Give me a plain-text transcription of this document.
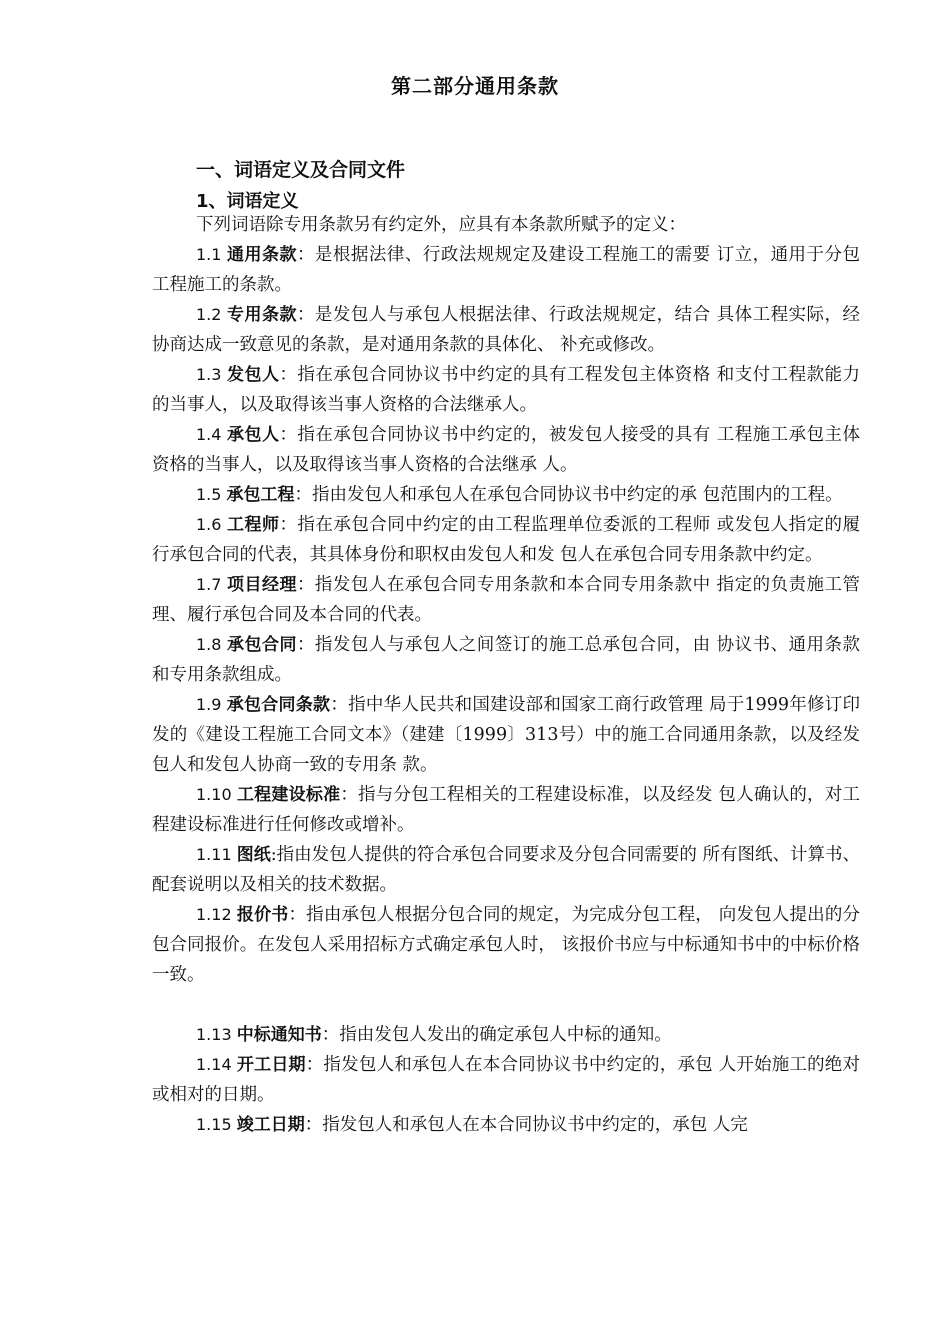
第二部分通用条款
一、词语定义及合同文件
1、词语定义
下列词语除专用条款另有约定外，应具有本条款所赋予的定义：

1.1 通用条款：是根据法律、行政法规规定及建设工程施工的需要 订立，通用于分包工程施工的条款。

1.2 专用条款：是发包人与承包人根据法律、行政法规规定，结合 具体工程实际，经协商达成一致意见的条款，是对通用条款的具体化、 补充或修改。

1.3 发包人：指在承包合同协议书中约定的具有工程发包主体资格 和支付工程款能力的当事人，以及取得该当事人资格的合法继承人。

1.4 承包人：指在承包合同协议书中约定的，被发包人接受的具有 工程施工承包主体资格的当事人，以及取得该当事人资格的合法继承 人。

1.5 承包工程：指由发包人和承包人在承包合同协议书中约定的承 包范围内的工程。

1.6 工程师：指在承包合同中约定的由工程监理单位委派的工程师 或发包人指定的履行承包合同的代表，其具体身份和职权由发包人和发 包人在承包合同专用条款中约定。

1.7 项目经理：指发包人在承包合同专用条款和本合同专用条款中 指定的负责施工管理、履行承包合同及本合同的代表。

1.8 承包合同：指发包人与承包人之间签订的施工总承包合同，由 协议书、通用条款和专用条款组成。

1.9 承包合同条款：指中华人民共和国建设部和国家工商行政管理 局于1999年修订印发的《建设工程施工合同文本》（建建〔1999〕313号）中的施工合同通用条款，以及经发包人和发包人协商一致的专用条 款。

1.10 工程建设标准：指与分包工程相关的工程建设标准，以及经发 包人确认的，对工程建设标准进行任何修改或增补。

1.11 图纸:指由发包人提供的符合承包合同要求及分包合同需要的 所有图纸、计算书、配套说明以及相关的技术数据。

1.12 报价书：指由承包人根据分包合同的规定，为完成分包工程， 向发包人提出的分包合同报价。在发包人采用招标方式确定承包人时， 该报价书应与中标通知书中的中标价格一致。

1.13 中标通知书：指由发包人发出的确定承包人中标的通知。

1.14 开工日期：指发包人和承包人在本合同协议书中约定的，承包 人开始施工的绝对或相对的日期。

1.15 竣工日期：指发包人和承包人在本合同协议书中约定的，承包 人完
